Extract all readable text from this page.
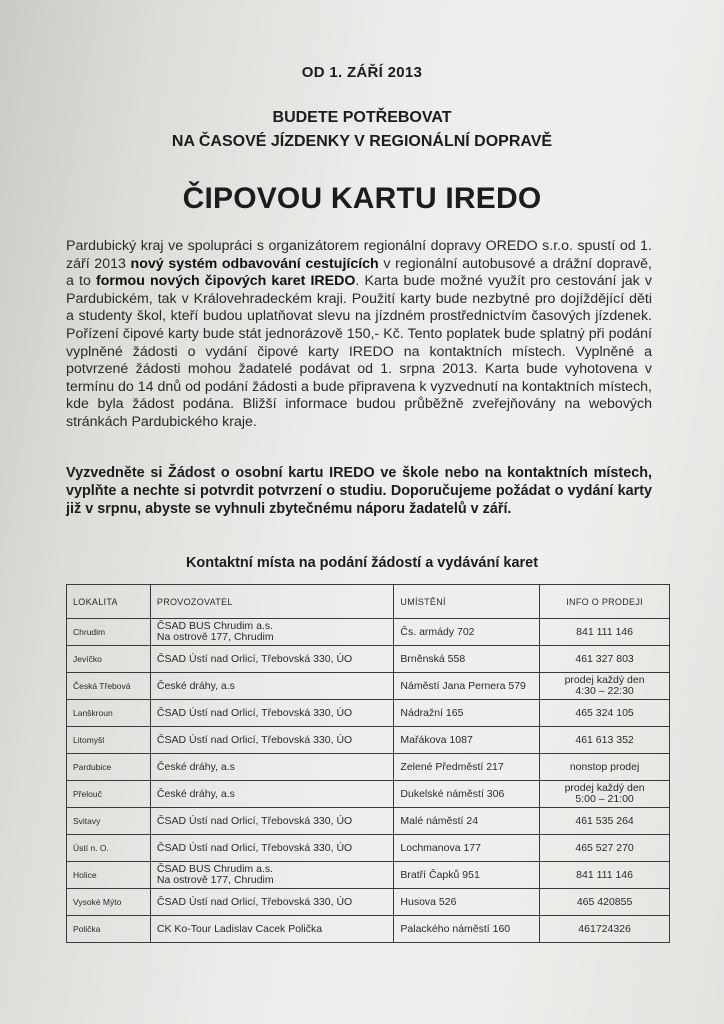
OD 1. ZÁŘÍ 2013
BUDETE POTŘEBOVAT
NA ČASOVÉ JÍZDENKY V REGIONÁLNÍ DOPRAVĚ
ČIPOVOU KARTU IREDO

Pardubický kraj ve spolupráci s organizátorem regionální dopravy OREDO s.r.o. spustí od 1. září 2013 nový systém odbavování cestujících v regionální autobusové a drážní dopravě, a to formou nových čipových karet IREDO. Karta bude možné využít pro cestování jak v Pardubickém, tak v Královehradeckém kraji. Použití karty bude nezbytné pro dojíždějící děti a studenty škol, kteří budou uplatňovat slevu na jízdném prostřednictvím časových jízdenek. Pořízení čipové karty bude stát jednorázově 150,- Kč. Tento poplatek bude splatný při podání vyplněné žádosti o vydání čipové karty IREDO na kontaktních místech. Vyplněné a potvrzené žádosti mohou žadatelé podávat od 1. srpna 2013. Karta bude vyhotovena v termínu do 14 dnů od podání žádosti a bude připravena k vyzvednutí na kontaktních místech, kde byla žádost podána. Bližší informace budou průběžně zveřejňovány na webových stránkách Pardubického kraje.

Vyzvedněte si Žádost o osobní kartu IREDO ve škole nebo na kontaktních místech, vyplňte a nechte si potvrdit potvrzení o studiu. Doporučujeme požádat o vydání karty již v srpnu, abyste se vyhnuli zbytečnému náporu žadatelů v září.

Kontaktní místa na podání žádostí a vydávání karet
LOKALITA	PROVOZOVATEL	UMÍSTĚNÍ	INFO O PRODEJI
Chrudim	ČSAD BUS Chrudim a.s.
Na ostrově 177, Chrudim	Čs. armády 702	841 111 146

Jevíčko	ČSAD Ústí nad Orlicí, Třebovská 330, ÚO	Brněnská 558	461 327 803

Česká Třebová	České dráhy, a.s	Náměstí Jana Pernera 579	prodej každý den
4:30 – 22:30

Lanškroun	ČSAD Ústí nad Orlicí, Třebovská 330, ÚO	Nádražní 165	465 324 105

Litomyšl	ČSAD Ústí nad Orlicí, Třebovská 330, ÚO	Mařákova 1087	461 613 352

Pardubice	České dráhy, a.s	Zelené Předměstí 217	nonstop prodej

Přelouč	České dráhy, a.s	Dukelské náměstí 306	prodej každý den
5:00 – 21:00

Svitavy	ČSAD Ústí nad Orlicí, Třebovská 330, ÚO	Malé náměstí 24	461 535 264

Ústí n. O.	ČSAD Ústí nad Orlicí, Třebovská 330, ÚO	Lochmanova 177	465 527 270

Holice	ČSAD BUS Chrudim a.s.
Na ostrově 177, Chrudim	Bratří Čapků 951	841 111 146

Vysoké Mýto	ČSAD Ústí nad Orlicí, Třebovská 330, ÚO	Husova 526	465 420855

Polička	CK Ko-Tour Ladislav Cacek Polička	Palackého náměstí 160	461724326
